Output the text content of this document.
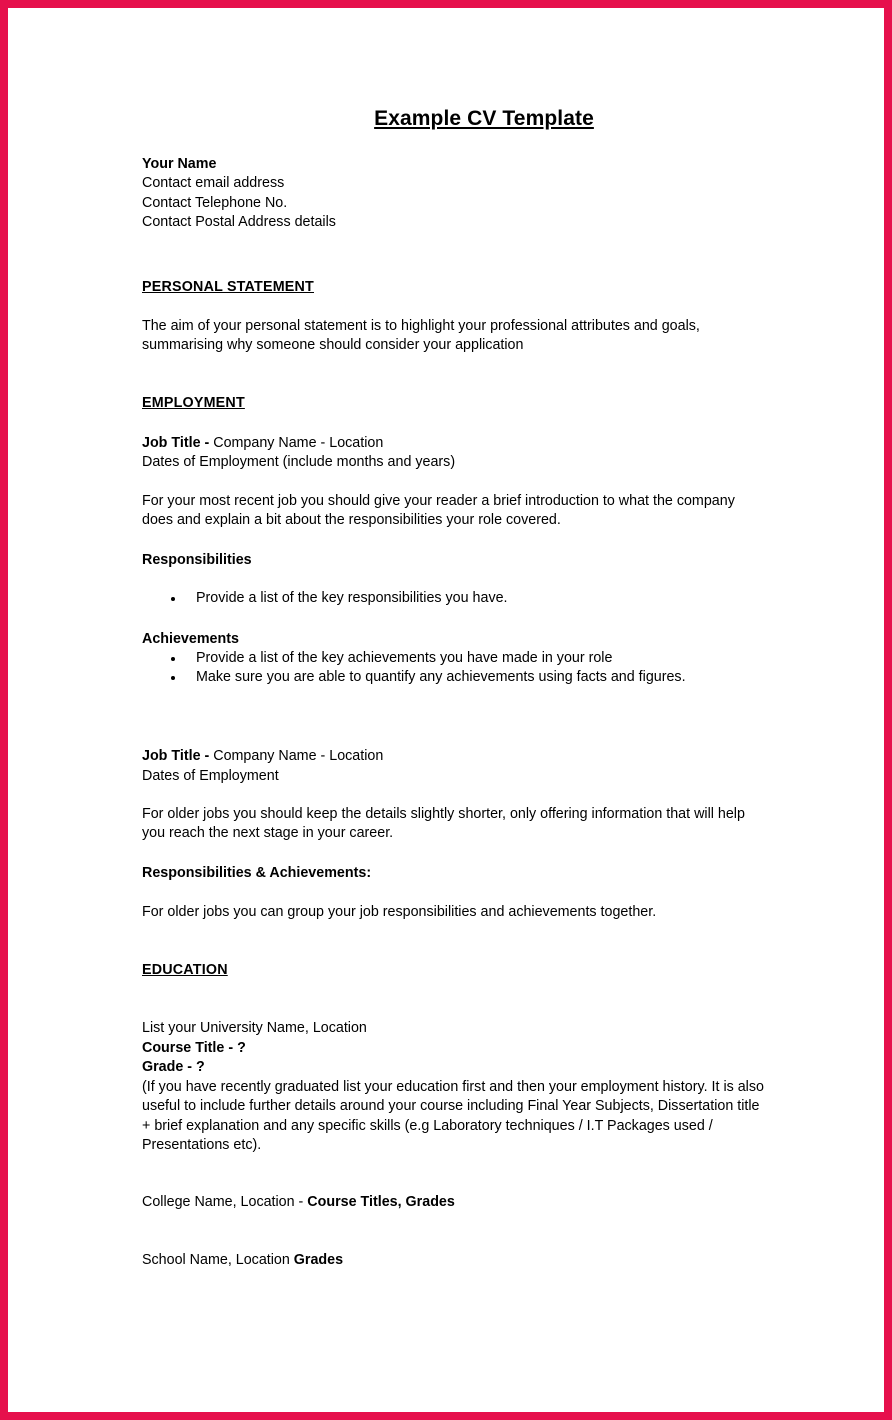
Example CV Template
Your Name
Contact email address
Contact Telephone No.
Contact Postal Address details
PERSONAL STATEMENT
The aim of your personal statement is to highlight your professional attributes and goals, summarising why someone should consider your application
EMPLOYMENT
Job Title - Company Name - Location
Dates of Employment (include months and years)
For your most recent job you should give your reader a brief introduction to what the company does and explain a bit about the responsibilities your role covered.
Responsibilities
Provide a list of the key responsibilities you have.
Achievements
Provide a list of the key achievements you have made in your role
Make sure you are able to quantify any achievements using facts and figures.
Job Title - Company Name - Location
Dates of Employment
For older jobs you should keep the details slightly shorter, only offering information that will help you reach the next stage in your career.
Responsibilities & Achievements:
For older jobs you can group your job responsibilities and achievements together.
EDUCATION
List your University Name, Location
Course Title - ?
Grade - ?
(If you have recently graduated list your education first and then your employment history. It is also useful to include further details around your course including Final Year Subjects, Dissertation title + brief explanation and any specific skills (e.g Laboratory techniques / I.T Packages used / Presentations etc).
College Name, Location - Course Titles, Grades
School Name, Location Grades
